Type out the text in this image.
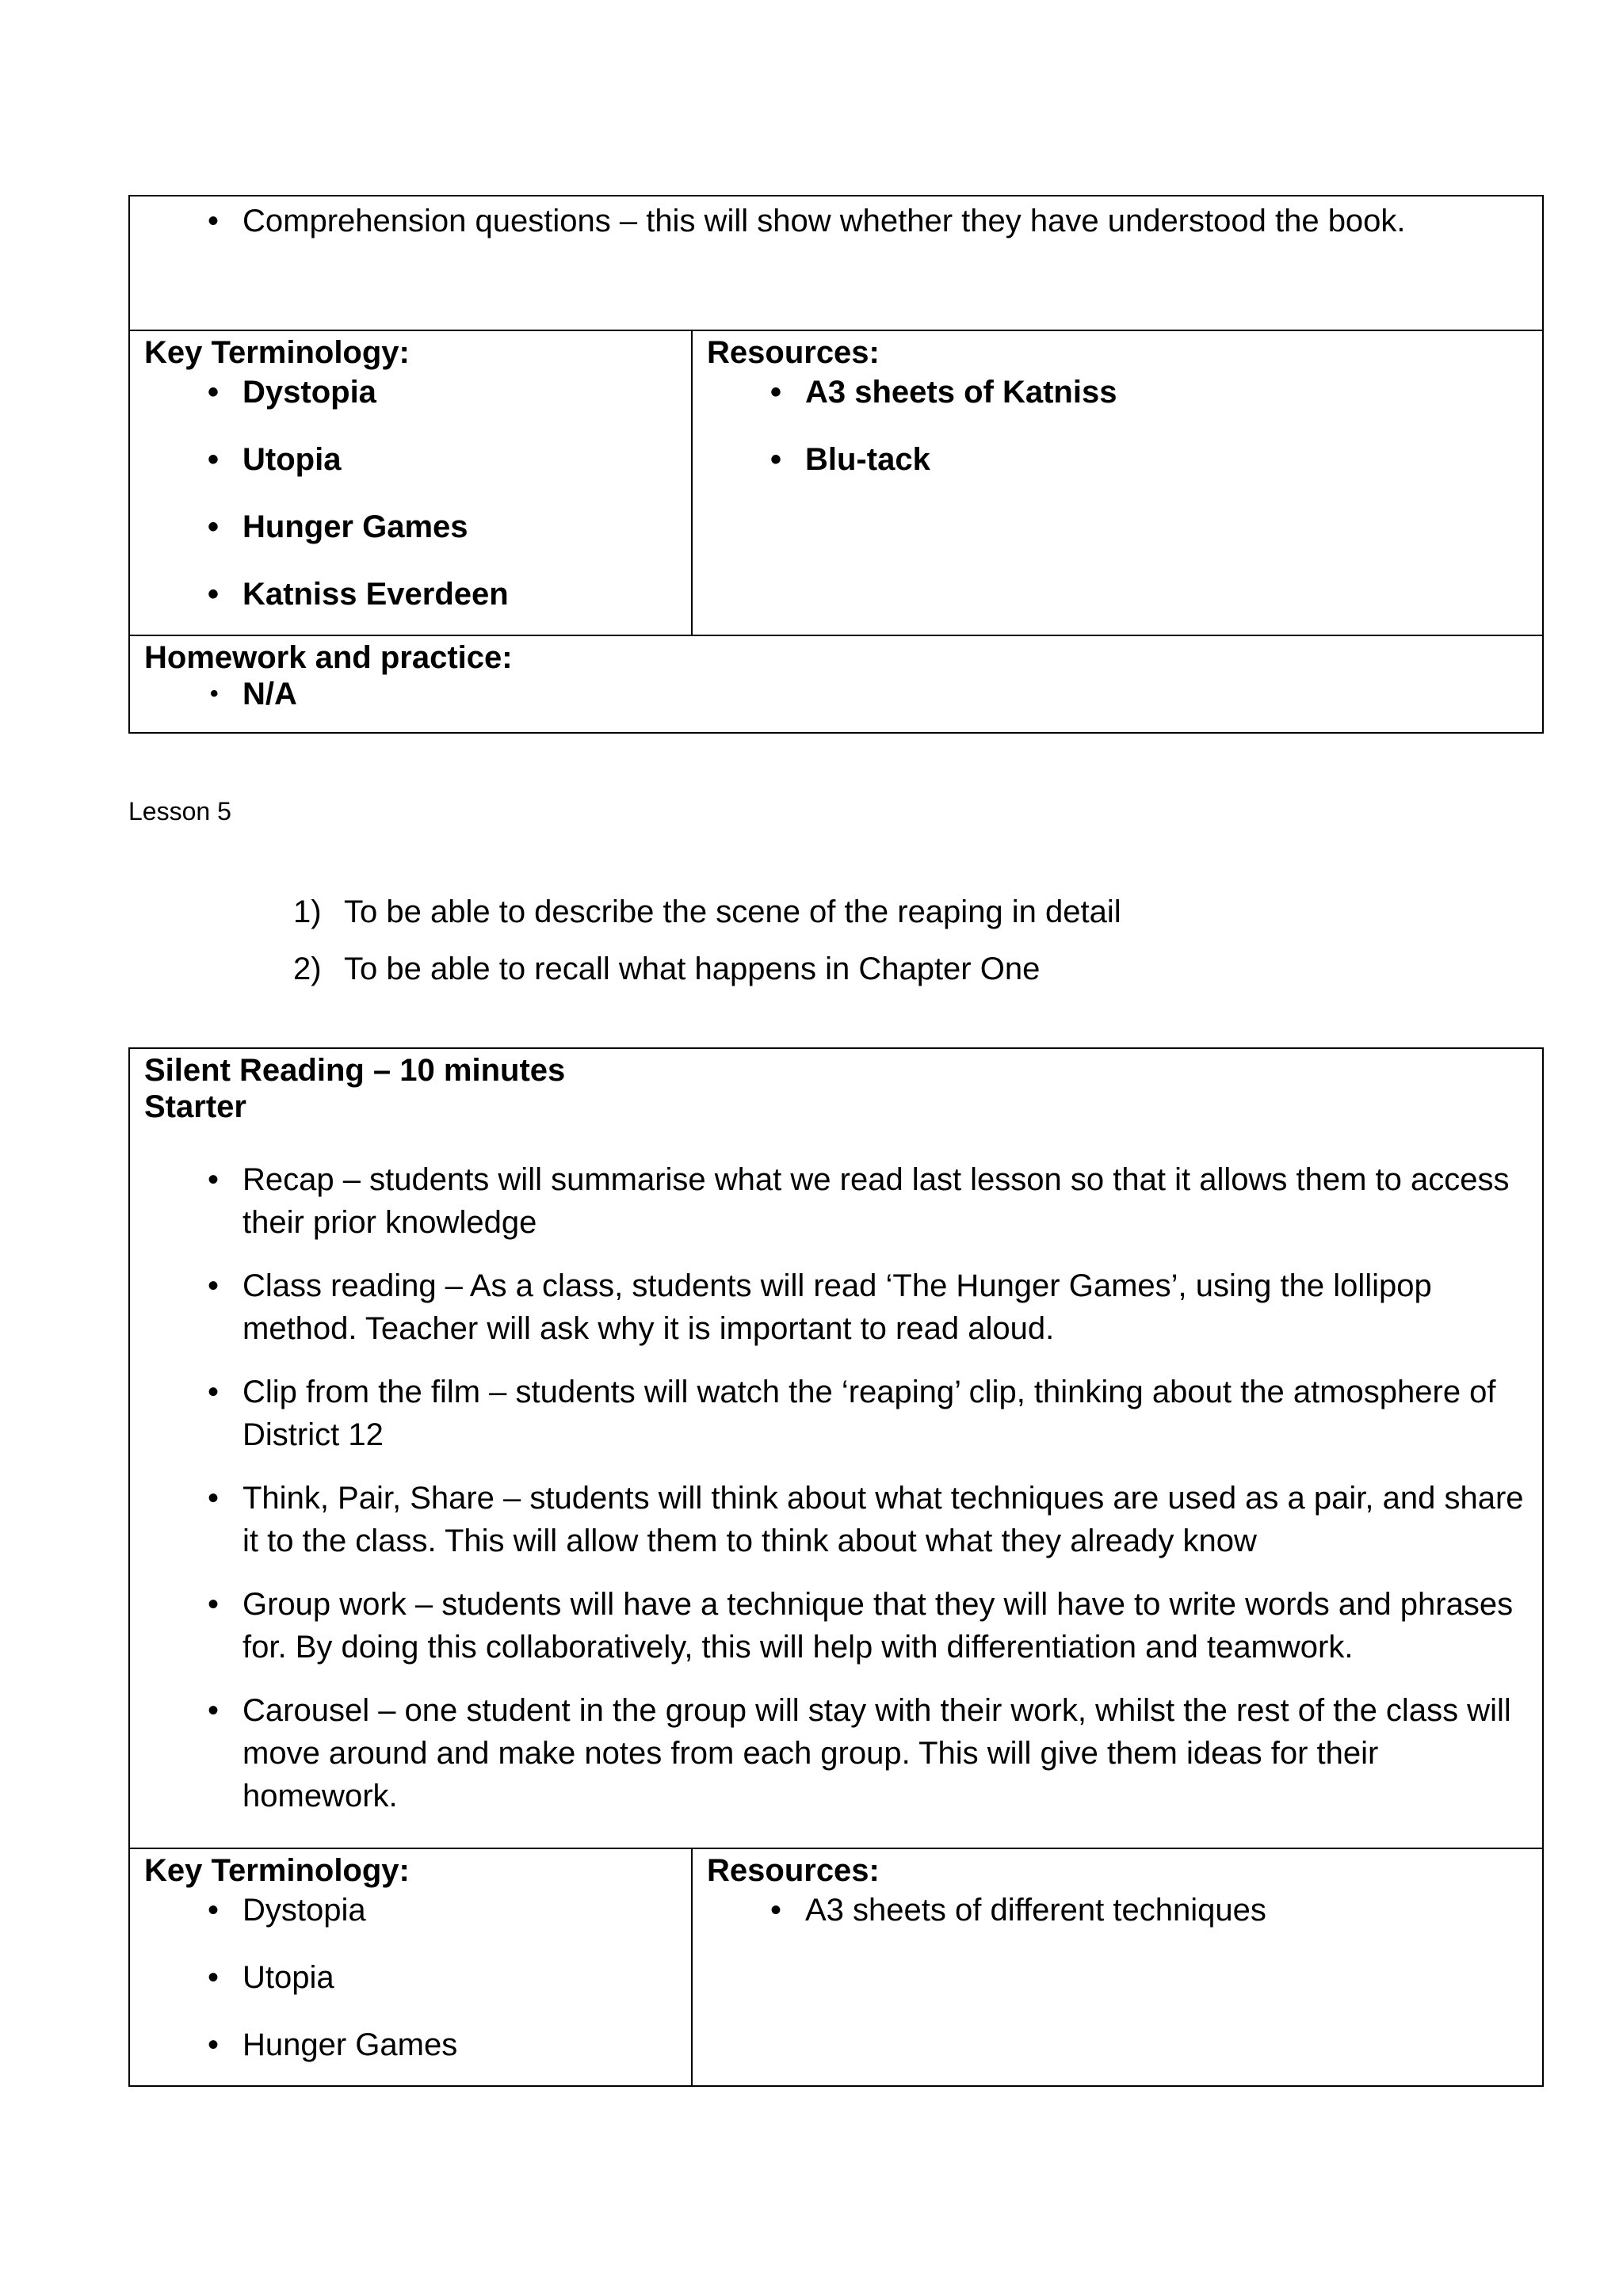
• Comprehension questions – this will show whether they have understood the book.
Key Terminology:
• Dystopia
• Utopia
• Hunger Games
• Katniss Everdeen
Resources:
• A3 sheets of Katniss
• Blu-tack
Homework and practice:
• N/A
Lesson 5
1) To be able to describe the scene of the reaping in detail
2) To be able to recall what happens in Chapter One
Silent Reading – 10 minutes
Starter
• Recap – students will summarise what we read last lesson so that it allows them to access their prior knowledge
• Class reading – As a class, students will read ‘The Hunger Games’, using the lollipop method. Teacher will ask why it is important to read aloud.
• Clip from the film – students will watch the ‘reaping’ clip, thinking about the atmosphere of District 12
• Think, Pair, Share – students will think about what techniques are used as a pair, and share it to the class. This will allow them to think about what they already know
• Group work – students will have a technique that they will have to write words and phrases for. By doing this collaboratively, this will help with differentiation and teamwork.
• Carousel – one student in the group will stay with their work, whilst the rest of the class will move around and make notes from each group. This will give them ideas for their homework.
Key Terminology:
• Dystopia
• Utopia
• Hunger Games
Resources:
• A3 sheets of different techniques
